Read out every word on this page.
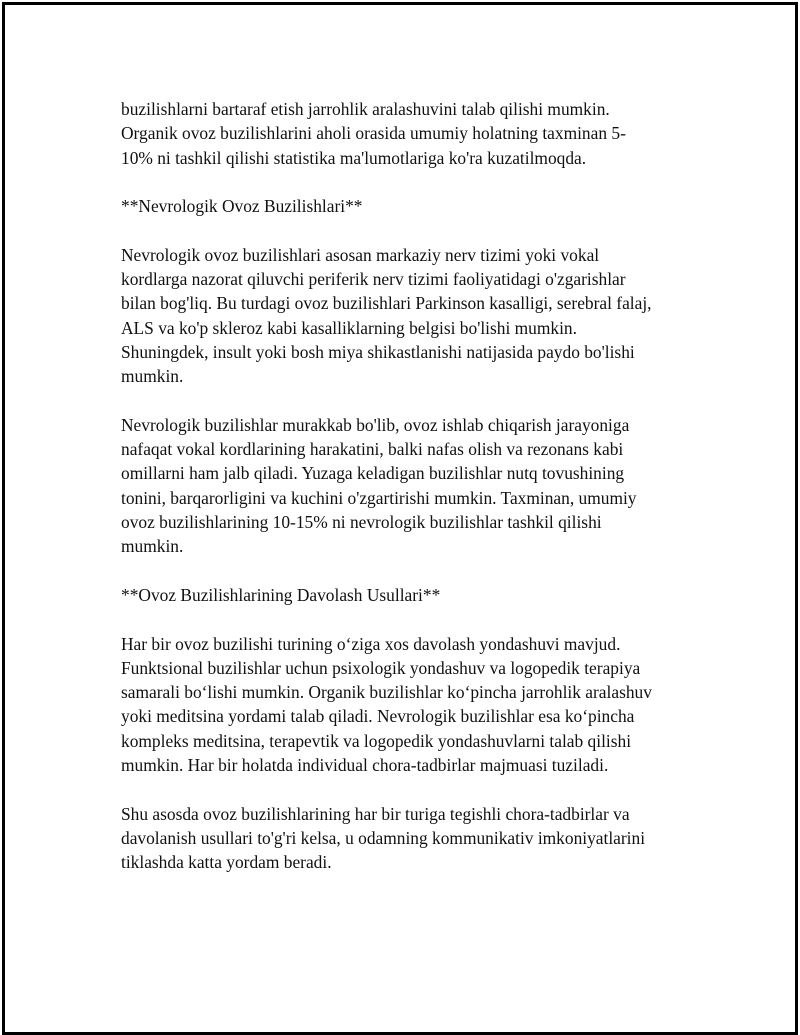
buzilishlarni bartaraf etish jarrohlik aralashuvini talab qilishi mumkin.
Organik ovoz buzilishlarini aholi orasida umumiy holatning taxminan 5-
10% ni tashkil qilishi statistika ma'lumotlariga ko'ra kuzatilmoqda.

**Nevrologik Ovoz Buzilishlari**

Nevrologik ovoz buzilishlari asosan markaziy nerv tizimi yoki vokal
kordlarga nazorat qiluvchi periferik nerv tizimi faoliyatidagi o'zgarishlar
bilan bog'liq. Bu turdagi ovoz buzilishlari Parkinson kasalligi, serebral falaj,
ALS va ko'p skleroz kabi kasalliklarning belgisi bo'lishi mumkin.
Shuningdek, insult yoki bosh miya shikastlanishi natijasida paydo bo'lishi
mumkin.

Nevrologik buzilishlar murakkab bo'lib, ovoz ishlab chiqarish jarayoniga
nafaqat vokal kordlarining harakatini, balki nafas olish va rezonans kabi
omillarni ham jalb qiladi. Yuzaga keladigan buzilishlar nutq tovushining
tonini, barqarorligini va kuchini o'zgartirishi mumkin. Taxminan, umumiy
ovoz buzilishlarining 10-15% ni nevrologik buzilishlar tashkil qilishi
mumkin.

**Ovoz Buzilishlarining Davolash Usullari**

Har bir ovoz buzilishi turining o‘ziga xos davolash yondashuvi mavjud.
Funktsional buzilishlar uchun psixologik yondashuv va logopedik terapiya
samarali bo‘lishi mumkin. Organik buzilishlar ko‘pincha jarrohlik aralashuv
yoki meditsina yordami talab qiladi. Nevrologik buzilishlar esa ko‘pincha
kompleks meditsina, terapevtik va logopedik yondashuvlarni talab qilishi
mumkin. Har bir holatda individual chora-tadbirlar majmuasi tuziladi.

Shu asosda ovoz buzilishlarining har bir turiga tegishli chora-tadbirlar va
davolanish usullari to'g'ri kelsa, u odamning kommunikativ imkoniyatlarini
tiklashda katta yordam beradi.
